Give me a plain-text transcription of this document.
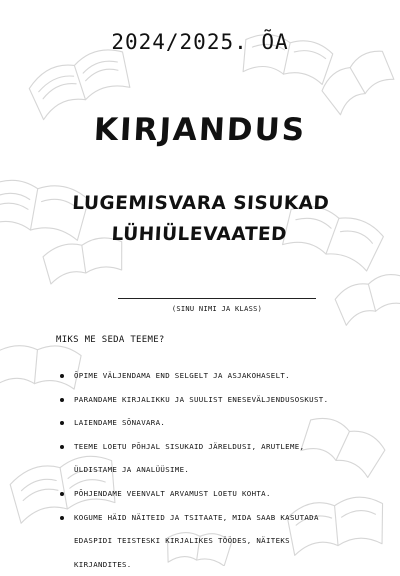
2024/2025. ÕA
KIRJANDUS
LUGEMISVARA SISUKAD
LÜHIÜLEVAATED
(SINU NIMI JA KLASS)
MIKS ME SEDA TEEME?
ÕPIME VÄLJENDAMA END SELGELT JA ASJAKOHASELT.
PARANDAME KIRJALIKKU JA SUULIST ENESEVÄLJENDUSOSKUST.
LAIENDAME SÕNAVARA.
TEEME LOETU PÕHJAL SISUKAID JÄRELDUSI, ARUTLEME, ÜLDISTAME JA ANALÜÜSIME.
PÕHJENDAME VEENVALT ARVAMUST LOETU KOHTA.
KOGUME HÄID NÄITEID JA TSITAATE, MIDA SAAB KASUTADA EDASPIDI TEISTESKI KIRJALIKES TÖÖDES, NÄITEKS KIRJANDITES.
